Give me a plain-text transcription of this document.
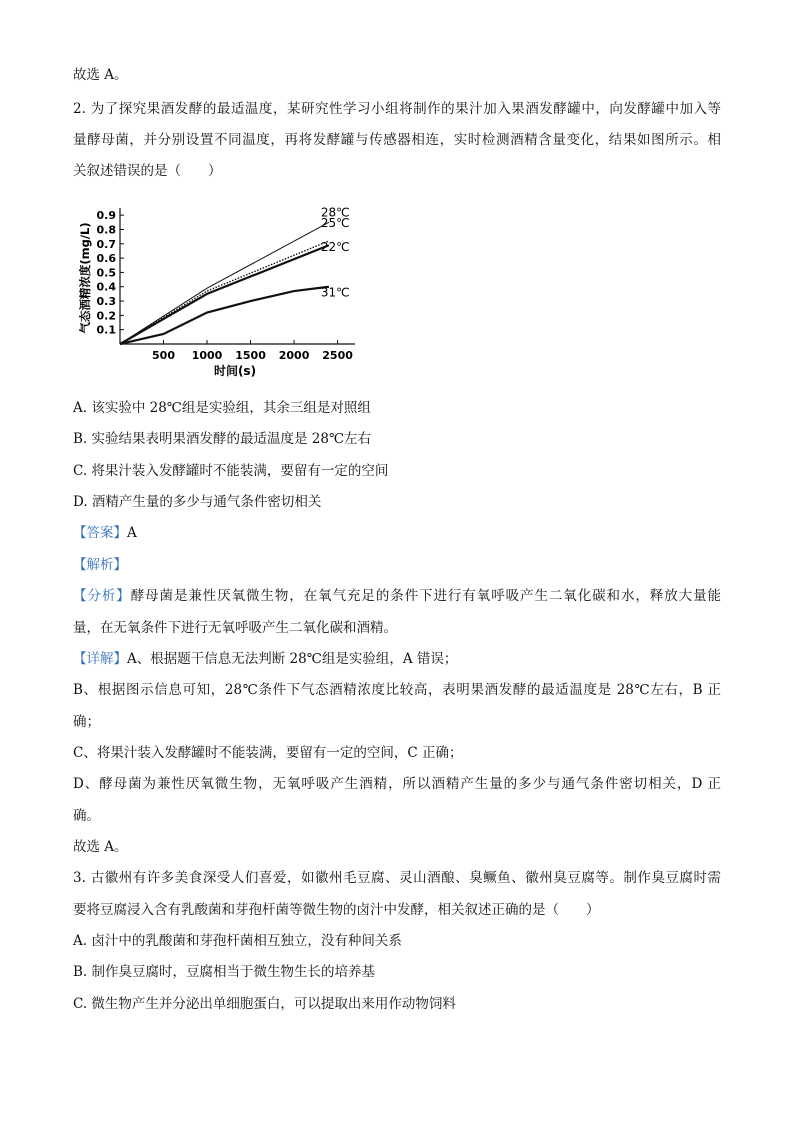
故选 A。
2. 为了探究果酒发酵的最适温度，某研究性学习小组将制作的果汁加入果酒发酵罐中，向发酵罐中加入等
量酵母菌，并分别设置不同温度，再将发酵罐与传感器相连，实时检测酒精含量变化，结果如图所示。相
关叙述错误的是（　　）
0.1
0.2
0.3
0.4
0.5
0.6
0.7
0.8
0.9
500 1000 1500 2000 2500
28℃
25℃
22℃
31℃
时间(s)
气态酒精浓度(mg/L)
A. 该实验中 28℃组是实验组，其余三组是对照组
B. 实验结果表明果酒发酵的最适温度是 28℃左右
C. 将果汁装入发酵罐时不能装满，要留有一定的空间
D. 酒精产生量的多少与通气条件密切相关
【答案】A
【解析】
【分析】酵母菌是兼性厌氧微生物，在氧气充足的条件下进行有氧呼吸产生二氧化碳和水，释放大量能
量，在无氧条件下进行无氧呼吸产生二氧化碳和酒精。
【详解】A、根据题干信息无法判断 28℃组是实验组，A 错误；
B、根据图示信息可知，28℃条件下气态酒精浓度比较高，表明果酒发酵的最适温度是 28℃左右，B 正
确；
C、将果汁装入发酵罐时不能装满，要留有一定的空间，C 正确；
D、酵母菌为兼性厌氧微生物，无氧呼吸产生酒精，所以酒精产生量的多少与通气条件密切相关，D 正
确。
故选 A。
3. 古徽州有许多美食深受人们喜爱，如徽州毛豆腐、灵山酒酿、臭鳜鱼、徽州臭豆腐等。制作臭豆腐时需
要将豆腐浸入含有乳酸菌和芽孢杆菌等微生物的卤汁中发酵，相关叙述正确的是（　　）
A. 卤汁中的乳酸菌和芽孢杆菌相互独立，没有种间关系
B. 制作臭豆腐时，豆腐相当于微生物生长的培养基
C. 微生物产生并分泌出单细胞蛋白，可以提取出来用作动物饲料
